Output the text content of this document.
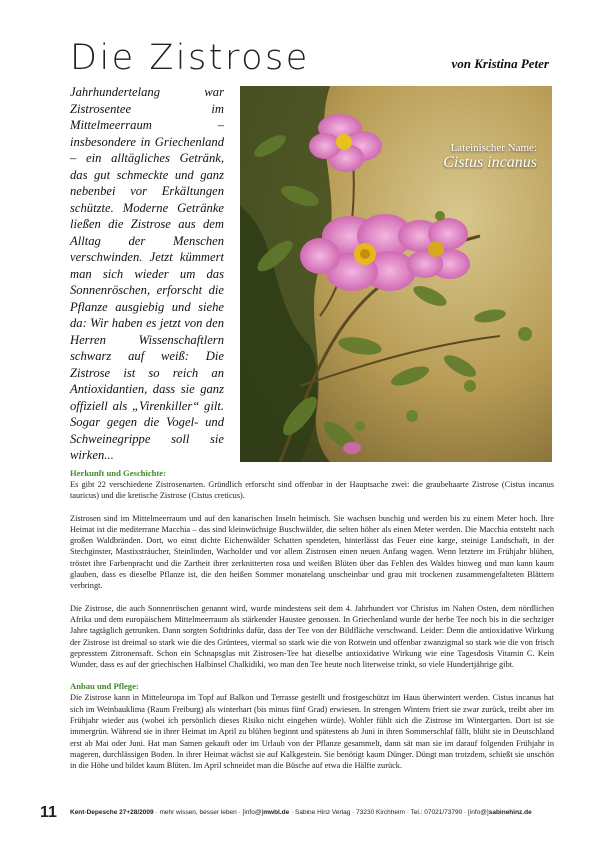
Die Zistrose	von Kristina Peter

Jahrhundertelang war Zistrosentee im Mittelmeerraum – insbesondere in Griechenland – ein alltägliches Getränk, das gut schmeckte und ganz nebenbei vor Erkältungen schützte. Moderne Getränke ließen die Zistrose aus dem Alltag der Menschen verschwinden. Jetzt kümmert man sich wieder um das Sonnenröschen, erforscht die Pflanze ausgiebig und siehe da: Wir haben es jetzt von den Herren Wissenschaftlern schwarz auf weiß: Die Zistrose ist so reich an Antioxidantien, dass sie ganz offiziell als „Virenkiller“ gilt. Sogar gegen die Vogel- und Schweinegrippe soll sie wirken...

Lateinischer Name:
Cistus incanus
Herkunft und Geschichte:

Es gibt 22 verschiedene Zistrosenarten. Gründlich erforscht sind offenbar in der Hauptsache zwei: die graubehaarte Zistrose (Cistus incanus tauricus) und die kretische Zistrose (Cistus creticus).

Zistrosen sind im Mittelmeerraum und auf den kanarischen Inseln heimisch. Sie wachsen buschig und werden bis zu einem Meter hoch. Ihre Heimat ist die mediterrane Macchia – das sind kleinwüchsige Buschwälder, die selten höher als einen Meter werden. Die Macchia entsteht nach großen Waldbränden. Dort, wo einst dichte Eichenwälder Schatten spendeten, hinterlässt das Feuer eine karge, steinige Landschaft, in der Stechginster, Mastixsträucher, Steinlinden, Wacholder und vor allem Zistrosen einen neuen Anfang wagen. Wenn letztere im Frühjahr blühen, tröstet ihre Farbenpracht und die Zartheit ihrer zerknitterten rosa und weißen Blüten über das Fehlen des Waldes hinweg und man kann kaum glauben, dass es dieselbe Pflanze ist, die den heißen Sommer monatelang unscheinbar und grau mit trockenen zusammengefalteten Blättern verbringt.

Die Zistrose, die auch Sonnenröschen genannt wird, wurde mindestens seit dem 4. Jahrhundert vor Christus im Nahen Osten, dem nördlichen Afrika und dem europäischem Mittelmeerraum als stärkender Haustee genossen. In Griechenland wurde der herbe Tee noch bis in die sechziger Jahre tagtäglich getrunken. Dann sorgten Softdrinks dafür, dass der Tee von der Bildfläche verschwand. Leider: Denn die antioxidative Wirkung der Zistrose ist dreimal so stark wie die des Grüntees, viermal so stark wie die von Rotwein und offenbar zwanzigmal so stark wie die von frisch gepresstem Zitronensaft. Schon ein Schnapsglas mit Zistrosen-Tee hat dieselbe antioxidative Wirkung wie eine Tagesdosis Vitamin C. Kein Wunder, dass es auf der griechischen Halbinsel Chalkidiki, wo man den Tee heute noch literweise trinkt, so viele Hundertjährige gibt.

Anbau und Pflege:

Die Zistrose kann in Mitteleuropa im Topf auf Balkon und Terrasse gestellt und frostgeschützt im Haus überwintert werden. Cistus incanus hat sich im Weinbauklima (Raum Freiburg) als winterhart (bis minus fünf Grad) erwiesen. In strengen Wintern friert sie zwar zurück, treibt aber im Frühjahr wieder aus (wobei ich persönlich dieses Risiko nicht eingehen würde). Wohler fühlt sich die Zistrose im Wintergarten. Dort ist sie immergrün. Während sie in ihrer Heimat im April zu blühen beginnt und spätestens ab Juni in ihren Sommerschlaf fällt, blüht sie in Deutschland erst ab Mai oder Juni. Hat man Samen gekauft oder im Urlaub von der Pflanze gesammelt, dann sät man sie im darauf folgenden Frühjahr in mageren, durchlässigen Boden. In ihrer Heimat wächst sie auf Kalkgestein. Sie benötigt kaum Dünger. Düngt man trotzdem, schießt sie unschön in die Höhe und bildet kaum Blüten. Im April schneidet man die Büsche auf etwa die Hälfte zurück.

11 Kent-Depesche 27+28/2009 · mehr wissen, besser leben · [info@]mwbl.de · Sabine Hinz Verlag · 73230 Kirchheim · Tel.: 07021/73790 · [info@]sabinehinz.de
